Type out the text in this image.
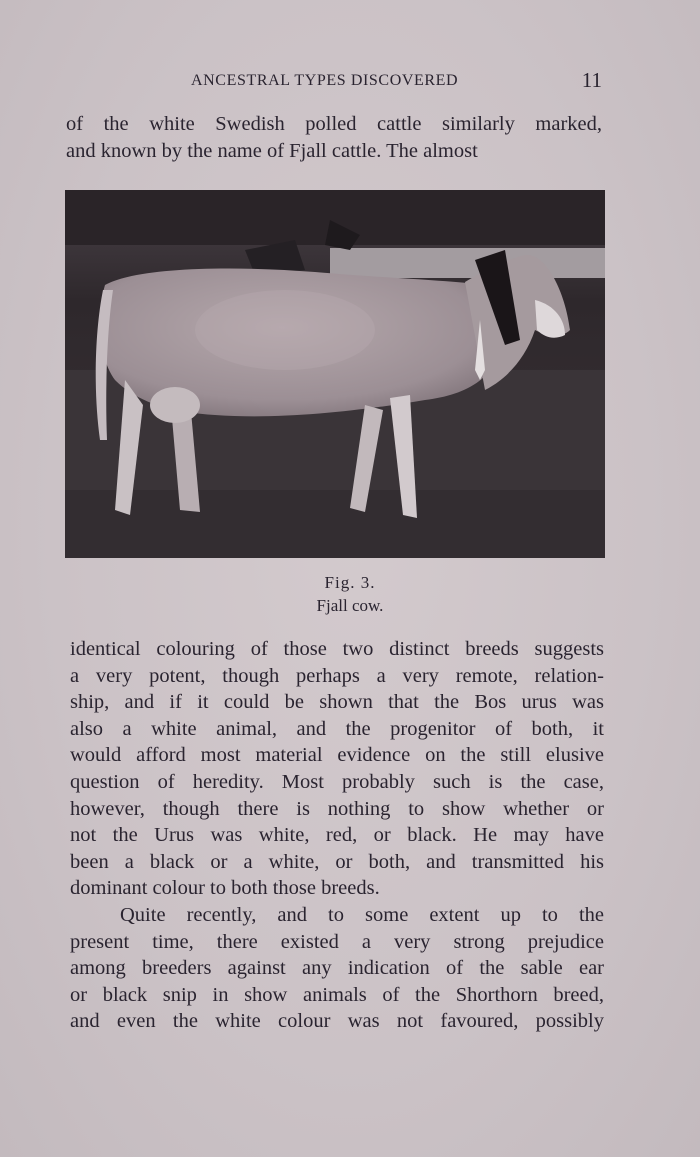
ANCESTRAL TYPES DISCOVERED	11
of the white Swedish polled cattle similarly marked,
and known by the name of Fjall cattle. The almost
Fig. 3.
Fjall cow.
identical colouring of those two distinct breeds suggests
a very potent, though perhaps a very remote, relation-
ship, and if it could be shown that the Bos urus was
also a white animal, and the progenitor of both, it
would afford most material evidence on the still elusive
question of heredity. Most probably such is the case,
however, though there is nothing to show whether or
not the Urus was white, red, or black. He may have
been a black or a white, or both, and transmitted his
dominant colour to both those breeds.
Quite recently, and to some extent up to the
present time, there existed a very strong prejudice
among breeders against any indication of the sable ear
or black snip in show animals of the Shorthorn breed,
and even the white colour was not favoured, possibly
